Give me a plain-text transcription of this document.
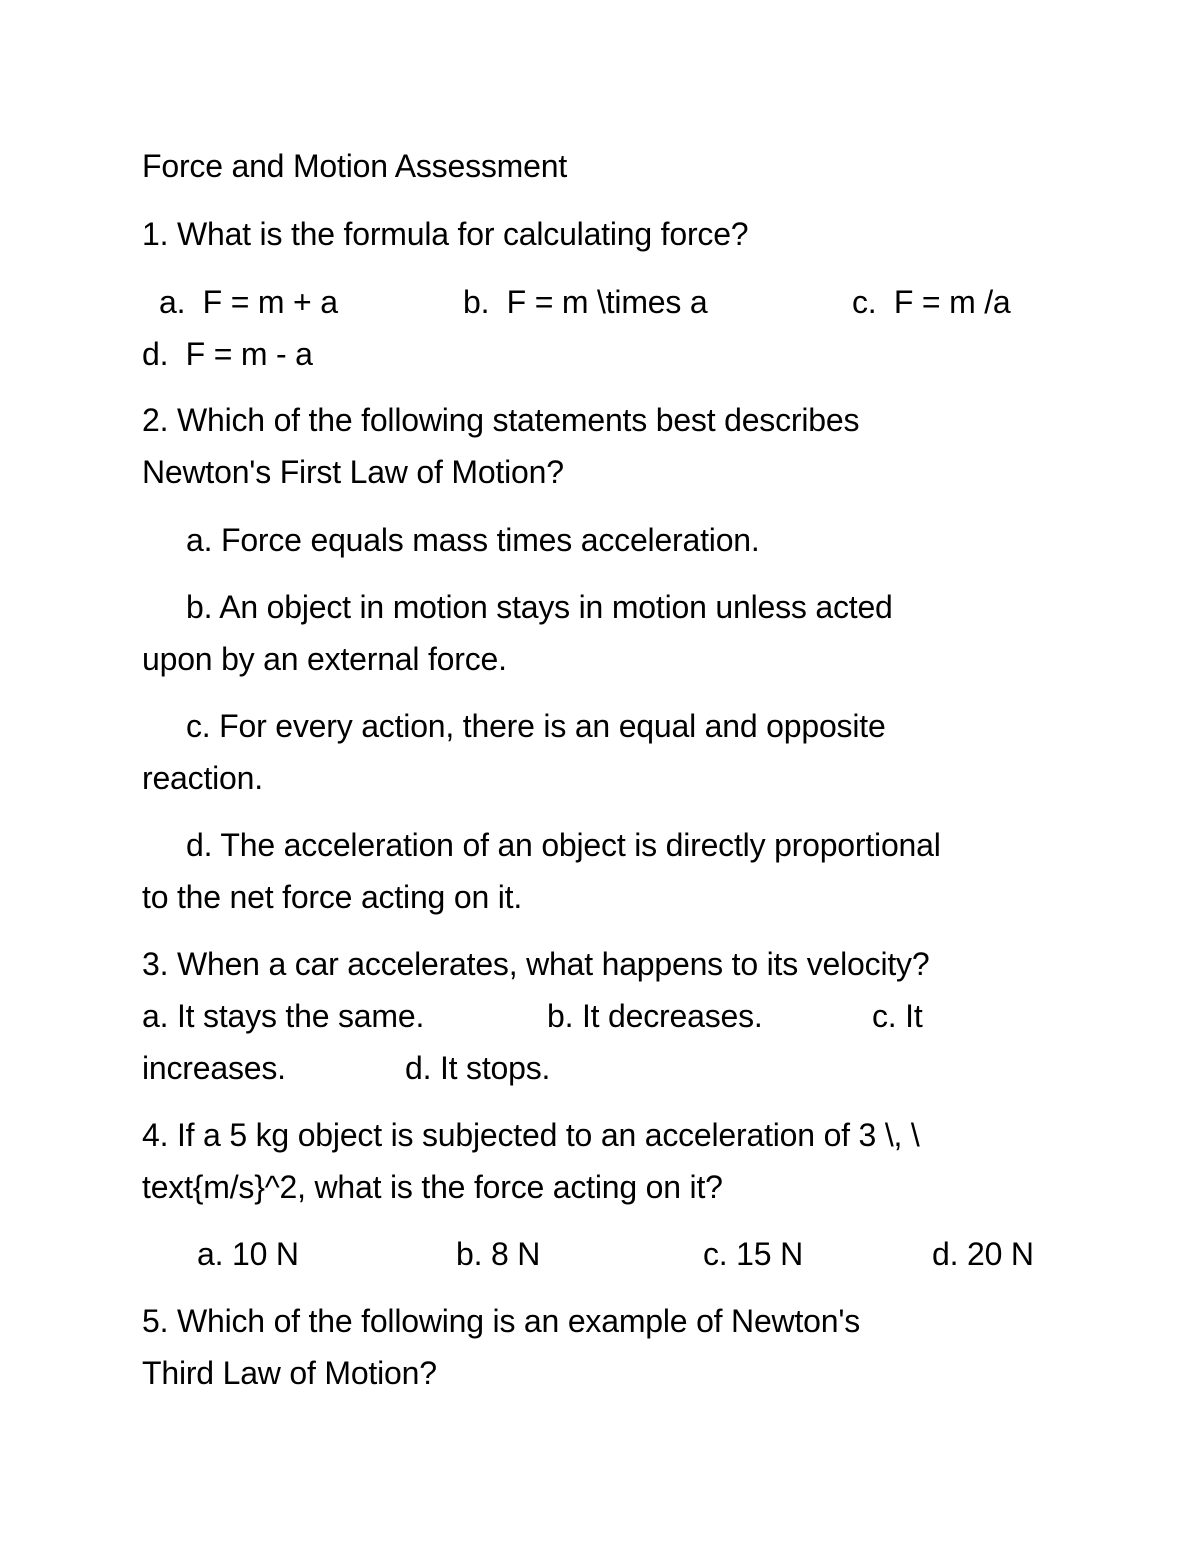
Force and Motion Assessment
1. What is the formula for calculating force?
a.  F = m + a	b.  F = m \times a	c.  F = m /a
d.  F = m - a
2. Which of the following statements best describes
Newton's First Law of Motion?
a. Force equals mass times acceleration.
b. An object in motion stays in motion unless acted
upon by an external force.
c. For every action, there is an equal and opposite
reaction.
d. The acceleration of an object is directly proportional
to the net force acting on it.
3. When a car accelerates, what happens to its velocity?
a. It stays the same.	b. It decreases.	c. It
increases.	d. It stops.
4. If a 5 kg object is subjected to an acceleration of 3 \, \
text{m/s}^2, what is the force acting on it?
a. 10 N	b. 8 N	c. 15 N	d. 20 N
5. Which of the following is an example of Newton's
Third Law of Motion?
